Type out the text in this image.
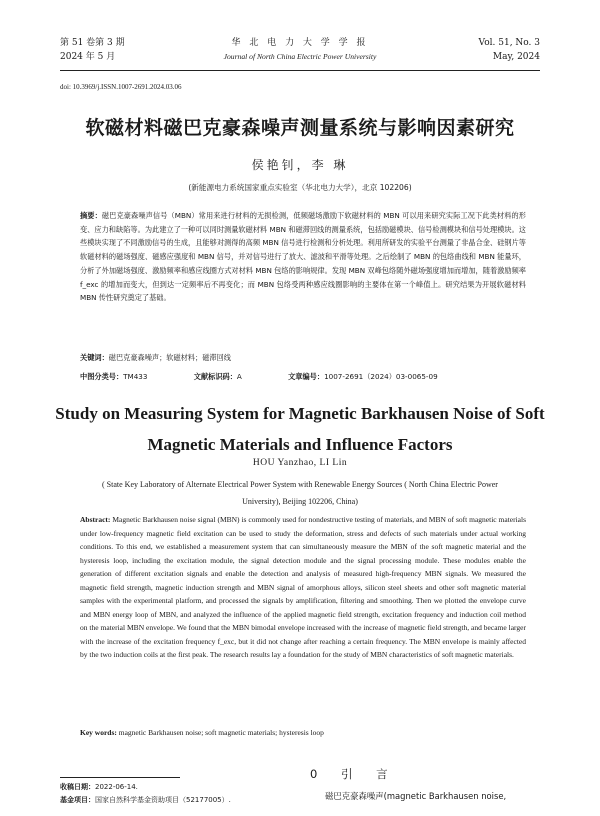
第 51 卷第 3 期
2024 年 5 月
华 北 电 力 大 学 学 报
Journal of North China Electric Power University
Vol. 51, No. 3
May, 2024
doi: 10.3969/j.ISSN.1007-2691.2024.03.06
软磁材料磁巴克豪森噪声测量系统与影响因素研究
侯艳钊，李 琳
(新能源电力系统国家重点实验室（华北电力大学），北京 102206)
摘要：磁巴克豪森噪声信号（MBN）常用来进行材料的无损检测，低频磁场激励下软磁材料的 MBN 可以用来研究实际工况下此类材料的形变、应力和缺陷等。为此建立了一种可以同时测量软磁材料 MBN 和磁滞回线的测量系统，包括励磁模块、信号检测模块和信号处理模块。这些模块实现了不同激励信号的生成，且能够对测得的高频 MBN 信号进行检测和分析处理。利用所研发的实验平台测量了非晶合金、硅钢片等软磁材料的磁场强度、磁感应强度和 MBN 信号，并对信号进行了放大、滤波和平滑等处理。之后绘制了 MBN 的包络曲线和 MBN 能量环，分析了外加磁场强度、激励频率和感应线圈方式对材料 MBN 包络的影响规律。发现 MBN 双峰包络随外磁场强度增加而增加，随着激励频率 f_exc 的增加而变大，但到达一定频率后不再变化；而 MBN 包络受两种感应线圈影响的主要体在第一个峰值上。研究结果为开展软磁材料 MBN 传性研究奠定了基础。
关键词：磁巴克豪森噪声；软磁材料；磁滞回线
中图分类号：TM433	文献标识码：A	文章编号：1007-2691（2024）03-0065-09
Study on Measuring System for Magnetic Barkhausen Noise of Soft Magnetic Materials and Influence Factors
HOU Yanzhao, LI Lin
( State Key Laboratory of Alternate Electrical Power System with Renewable Energy Sources ( North China Electric Power University), Beijing 102206, China)
Abstract: Magnetic Barkhausen noise signal (MBN) is commonly used for nondestructive testing of materials, and MBN of soft magnetic materials under low-frequency magnetic field excitation can be used to study the deformation, stress and defects of such materials under actual working conditions. To this end, we established a measurement system that can simultaneously measure the MBN of the soft magnetic material and the hysteresis loop, including the excitation module, the signal detection module and the signal processing module. These modules enable the generation of different excitation signals and enable the detection and analysis of measured high-frequency MBN signals. We measured the magnetic field strength, magnetic induction strength and MBN signal of amorphous alloys, silicon steel sheets and other soft magnetic material samples with the experimental platform, and processed the signals by amplification, filtering and smoothing. Then we plotted the envelope curve and MBN energy loop of MBN, and analyzed the influence of the applied magnetic field strength, excitation frequency and induction coil method on the material MBN envelope. We found that the MBN bimodal envelope increased with the increase of magnetic field strength, and became larger with the increase of the excitation frequency f_exc, but it did not change after reaching a certain frequency. The MBN envelope is mainly affected by the two induction coils at the first peak. The research results lay a foundation for the study of MBN characteristics of soft magnetic materials.
Key words: magnetic Barkhausen noise; soft magnetic materials; hysteresis loop
0 引 言
收稿日期：2022-06-14.
基金项目：国家自然科学基金资助项目（52177005）.	磁巴克豪森噪声(magnetic Barkhausen noise,
